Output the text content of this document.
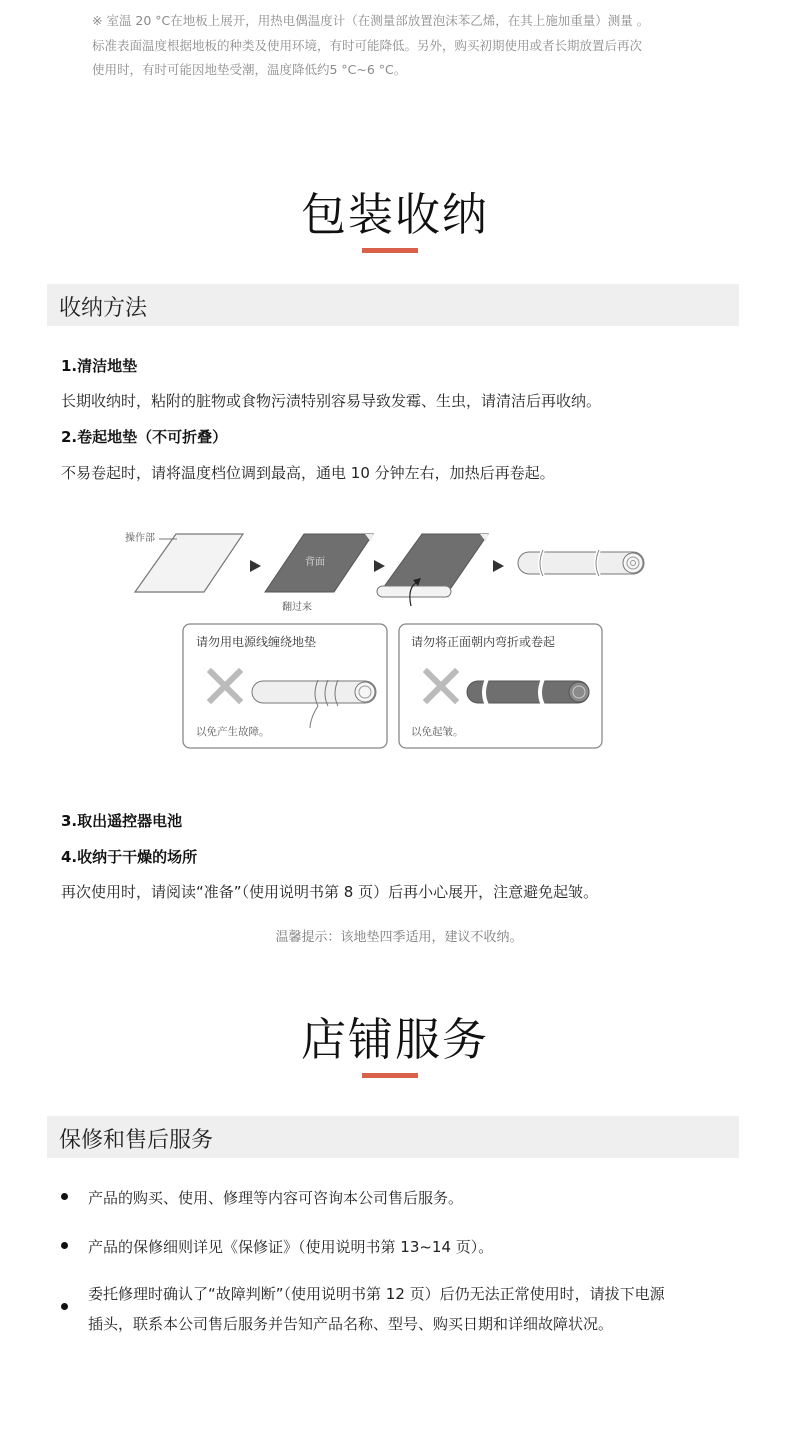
※ 室温 20 °C在地板上展开，用热电偶温度计（在测量部放置泡沫苯乙烯，在其上施加重量）测量 。
标准表面温度根据地板的种类及使用环境，有时可能降低。另外，购买初期使用或者长期放置后再次
使用时，有时可能因地垫受潮，温度降低约5 °C~6 °C。
包装收纳
收纳方法
1.清洁地垫
长期收纳时，粘附的脏物或食物污渍特别容易导致发霉、生虫，请清洁后再收纳。
2.卷起地垫（不可折叠）
不易卷起时，请将温度档位调到最高，通电 10 分钟左右，加热后再卷起。
操作部
背面
翻过来
请勿用电源线缠绕地垫
以免产生故障。
请勿将正面朝内弯折或卷起
以免起皱。
3.取出遥控器电池
4.收纳于干燥的场所
再次使用时，请阅读“准备”（使用说明书第 8 页）后再小心展开，注意避免起皱。
温馨提示：该地垫四季适用，建议不收纳。
店铺服务
保修和售后服务
产品的购买、使用、修理等内容可咨询本公司售后服务。
产品的保修细则详见《保修证》（使用说明书第 13~14 页）。
委托修理时确认了“故障判断”（使用说明书第 12 页）后仍无法正常使用时，请拔下电源
插头，联系本公司售后服务并告知产品名称、型号、购买日期和详细故障状况。
